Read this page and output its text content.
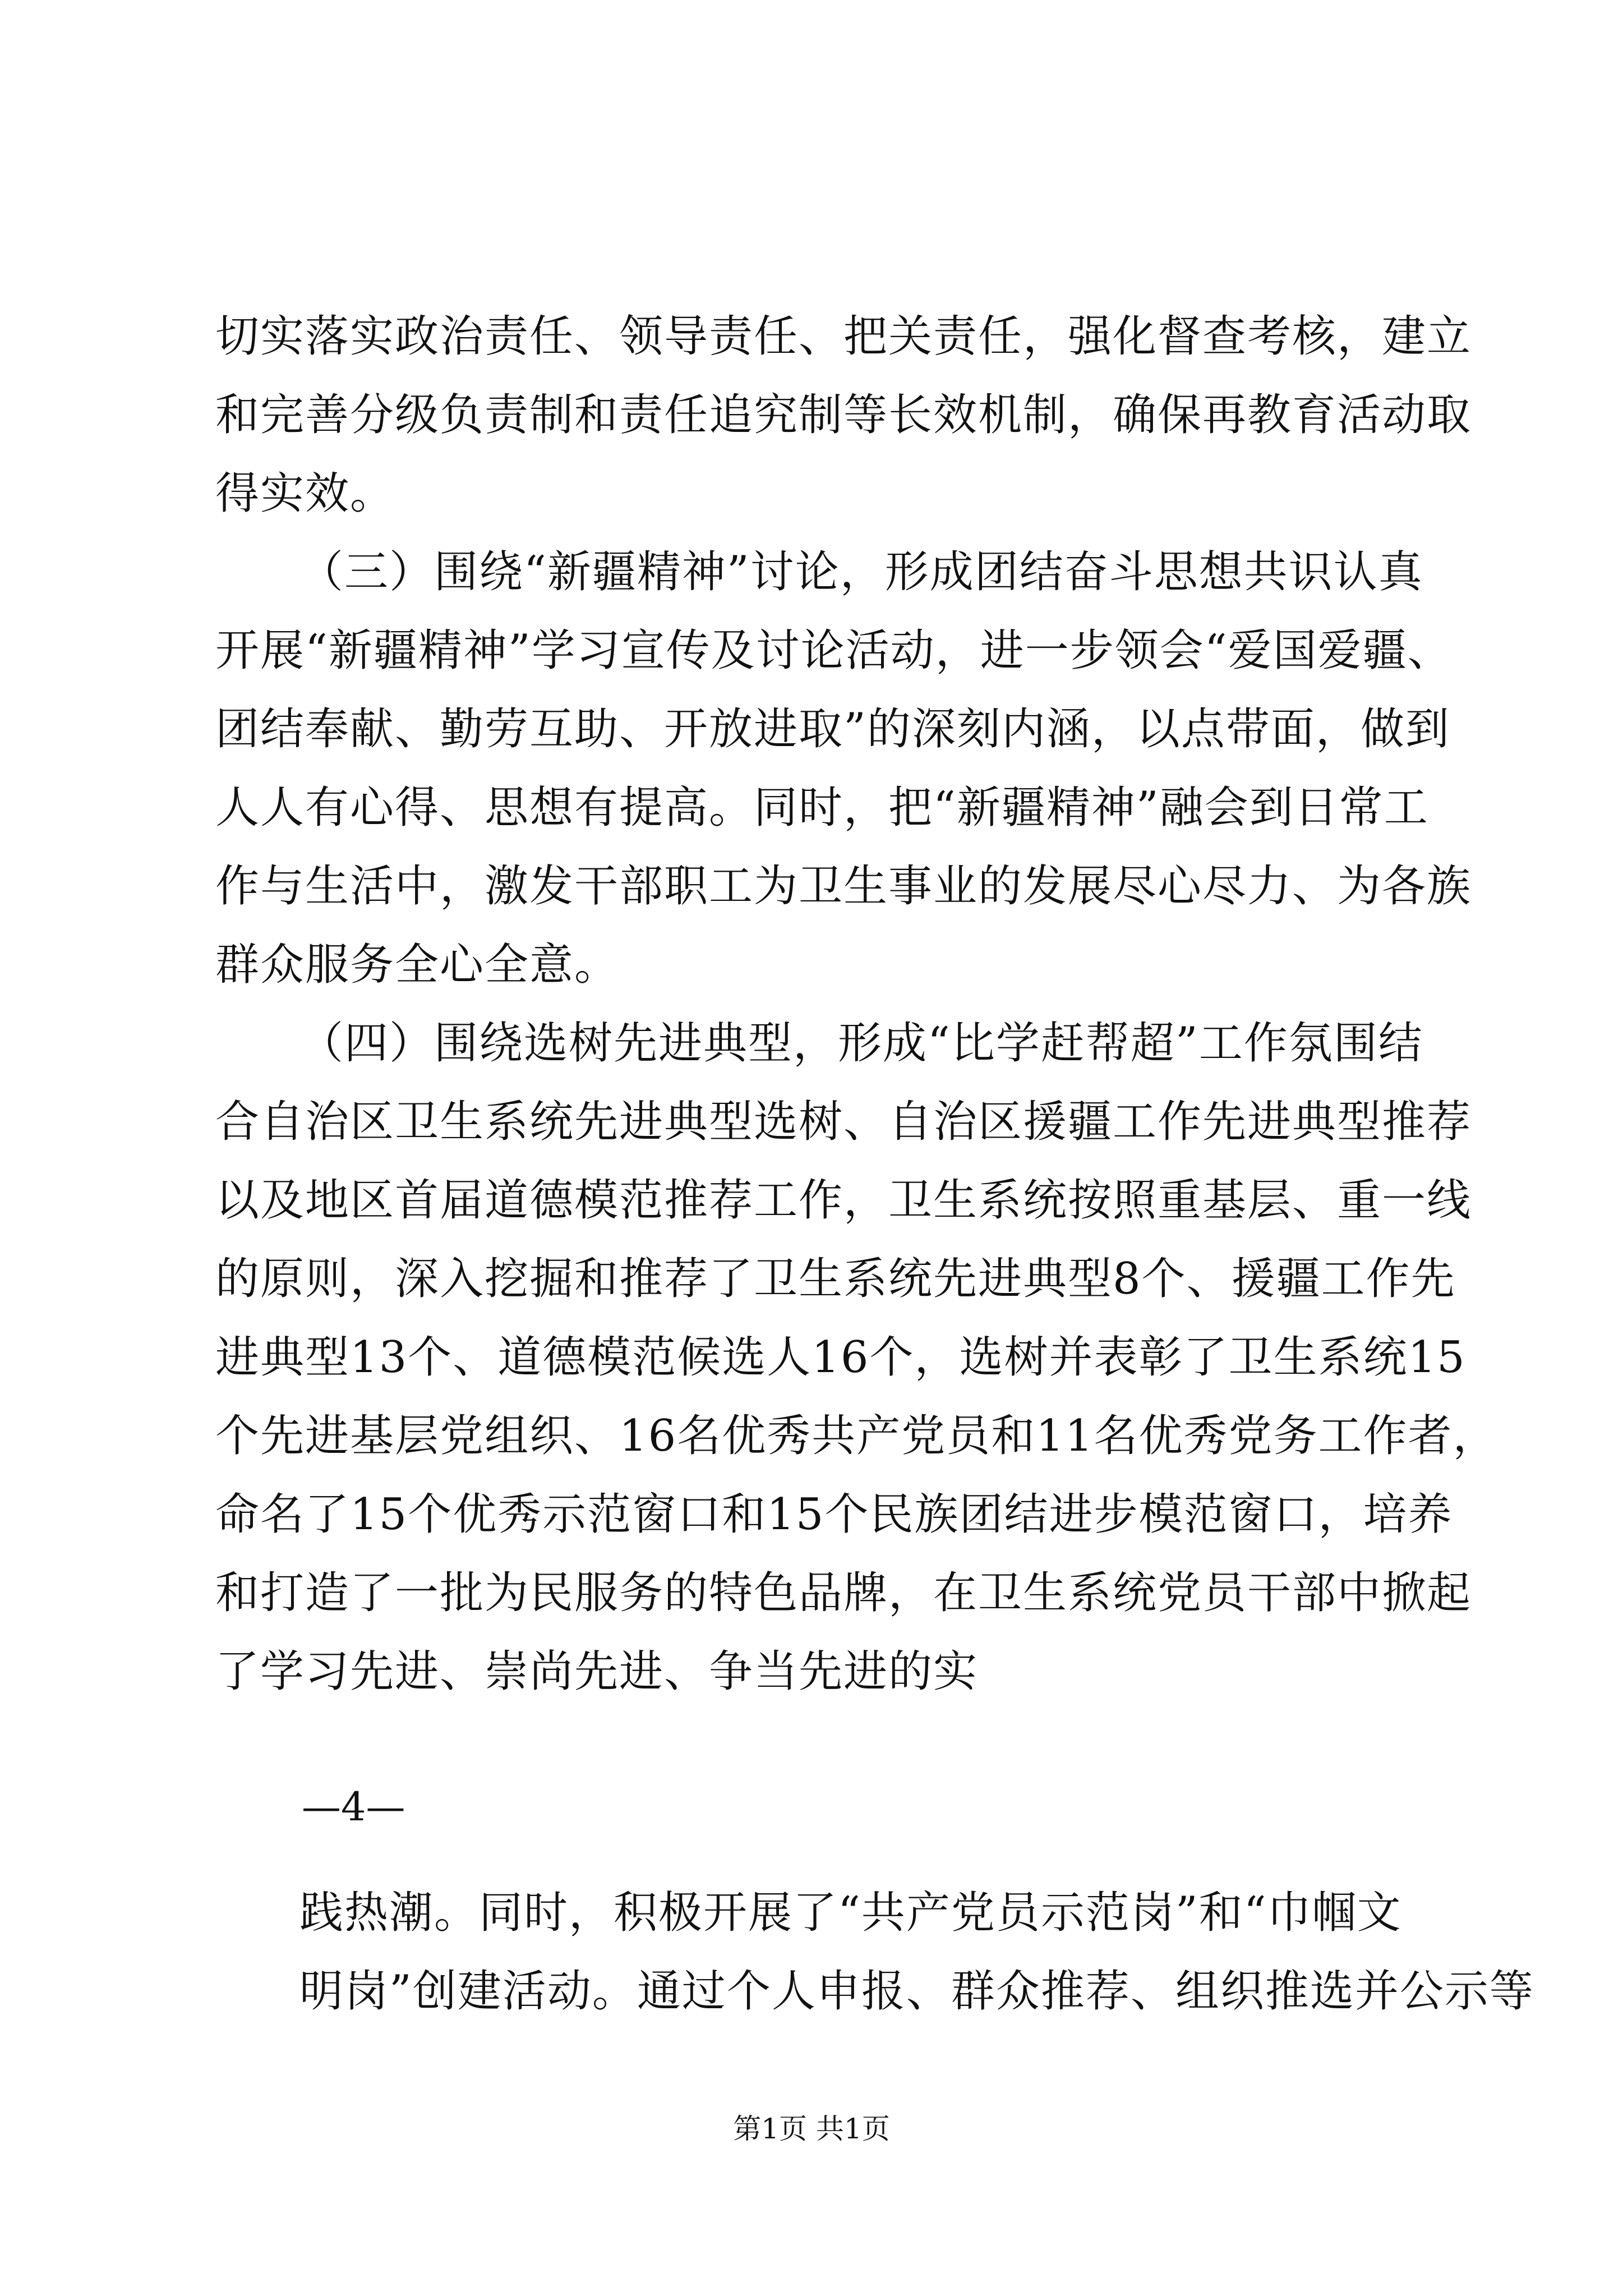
切实落实政治责任、领导责任、把关责任，强化督查考核，建立
和完善分级负责制和责任追究制等长效机制，确保再教育活动取
得实效。
（三）围绕“新疆精神”讨论，形成团结奋斗思想共识认真
开展“新疆精神”学习宣传及讨论活动，进一步领会“爱国爱疆、
团结奉献、勤劳互助、开放进取”的深刻内涵，以点带面，做到
人人有心得、思想有提高。同时，把“新疆精神”融会到日常工
作与生活中，激发干部职工为卫生事业的发展尽心尽力、为各族
群众服务全心全意。
（四）围绕选树先进典型，形成“比学赶帮超”工作氛围结
合自治区卫生系统先进典型选树、自治区援疆工作先进典型推荐
以及地区首届道德模范推荐工作，卫生系统按照重基层、重一线
的原则，深入挖掘和推荐了卫生系统先进典型8个、援疆工作先
进典型13个、道德模范候选人16个，选树并表彰了卫生系统15
个先进基层党组织、16名优秀共产党员和11名优秀党务工作者，
命名了15个优秀示范窗口和15个民族团结进步模范窗口，培养
和打造了一批为民服务的特色品牌，在卫生系统党员干部中掀起
了学习先进、崇尚先进、争当先进的实
—4—
践热潮。同时，积极开展了“共产党员示范岗”和“巾帼文
明岗”创建活动。通过个人申报、群众推荐、组织推选并公示等
第1页 共1页
